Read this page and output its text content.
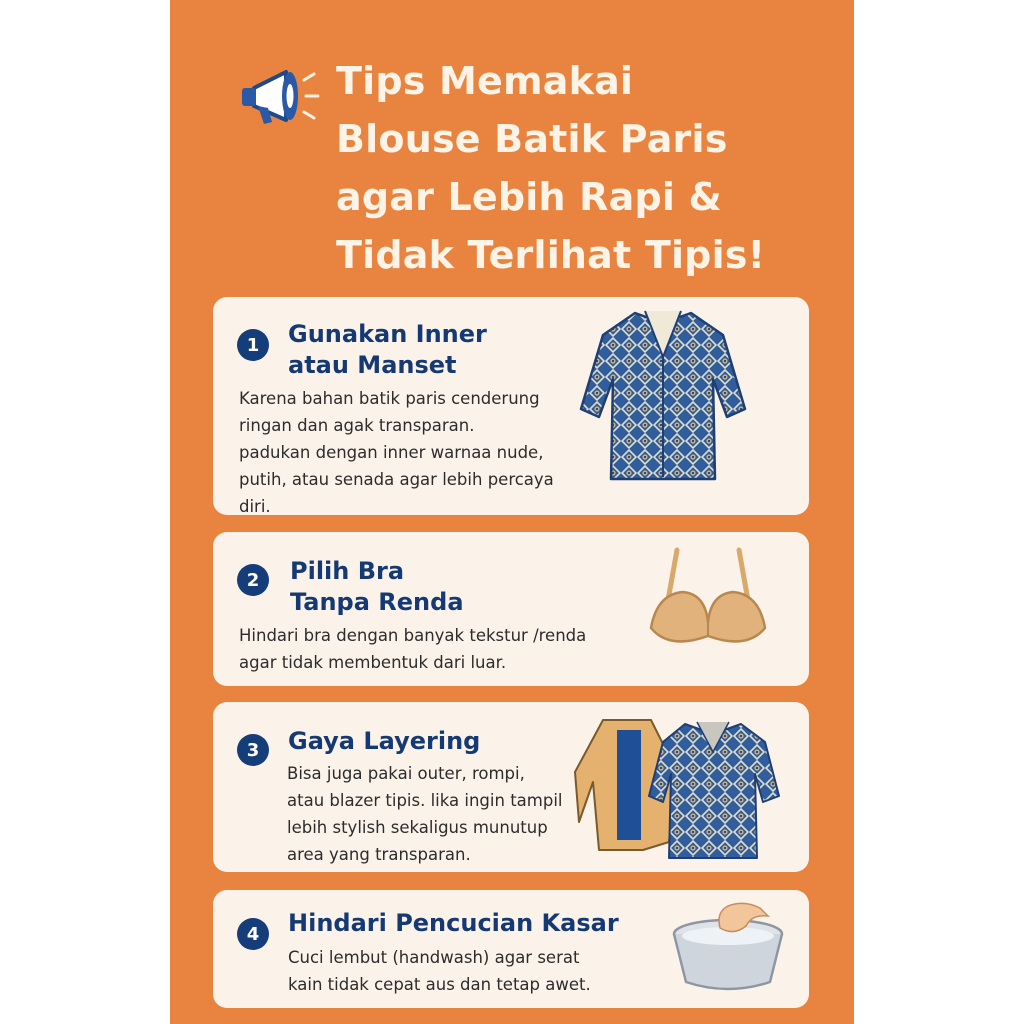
Tips Memakai
Blouse Batik Paris
agar Lebih Rapi &
Tidak Terlihat Tipis!
1	Gunakan Inner
atau Manset
Karena bahan batik paris cenderung
ringan dan agak transparan.
padukan dengan inner warnaa nude,
putih, atau senada agar lebih percaya
diri.
2	Pilih Bra
Tanpa Renda
Hindari bra dengan banyak tekstur /renda
agar tidak membentuk dari luar.
3	Gaya Layering
Bisa juga pakai outer, rompi,
atau blazer tipis. lika ingin tampil
lebih stylish sekaligus munutup
area yang transparan.
4	Hindari Pencucian Kasar
Cuci lembut (handwash) agar serat
kain tidak cepat aus dan tetap awet.
